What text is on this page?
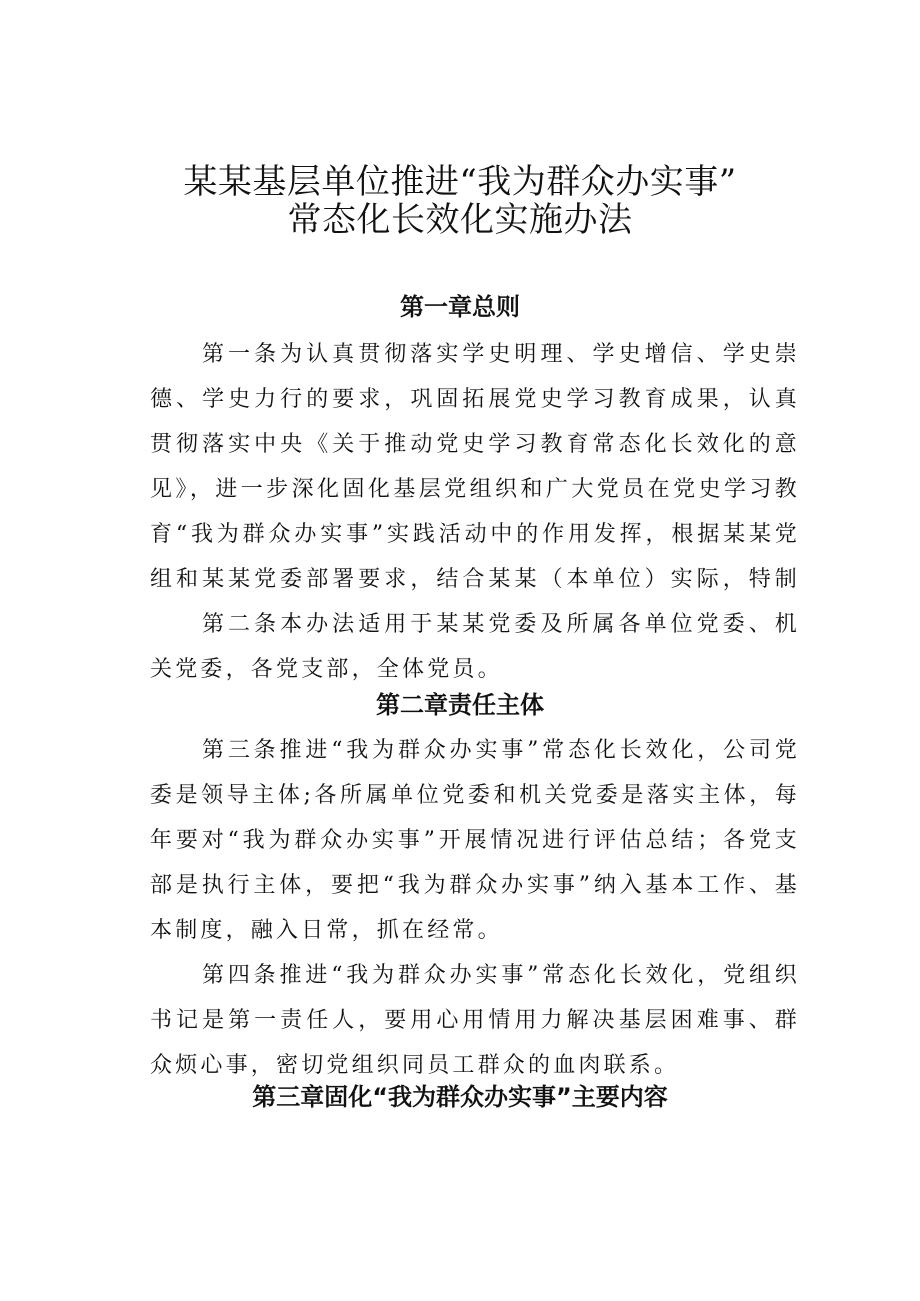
某某基层单位推进“我为群众办实事”
常态化长效化实施办法
第一章总则

第一条为认真贯彻落实学史明理、学史增信、学史崇德、学史力行的要求，巩固拓展党史学习教育成果，认真贯彻落实中央《关于推动党史学习教育常态化长效化的意见》，进一步深化固化基层党组织和广大党员在党史学习教育“我为群众办实事”实践活动中的作用发挥，根据某某党组和某某党委部署要求，结合某某（本单位）实际，特制

第二条本办法适用于某某党委及所属各单位党委、机关党委，各党支部，全体党员。

第二章责任主体

第三条推进“我为群众办实事”常态化长效化，公司党委是领导主体;各所属单位党委和机关党委是落实主体，每年要对“我为群众办实事”开展情况进行评估总结；各党支部是执行主体，要把“我为群众办实事”纳入基本工作、基本制度，融入日常，抓在经常。

第四条推进“我为群众办实事”常态化长效化，党组织书记是第一责任人，要用心用情用力解决基层困难事、群众烦心事，密切党组织同员工群众的血肉联系。

第三章固化“我为群众办实事”主要内容
